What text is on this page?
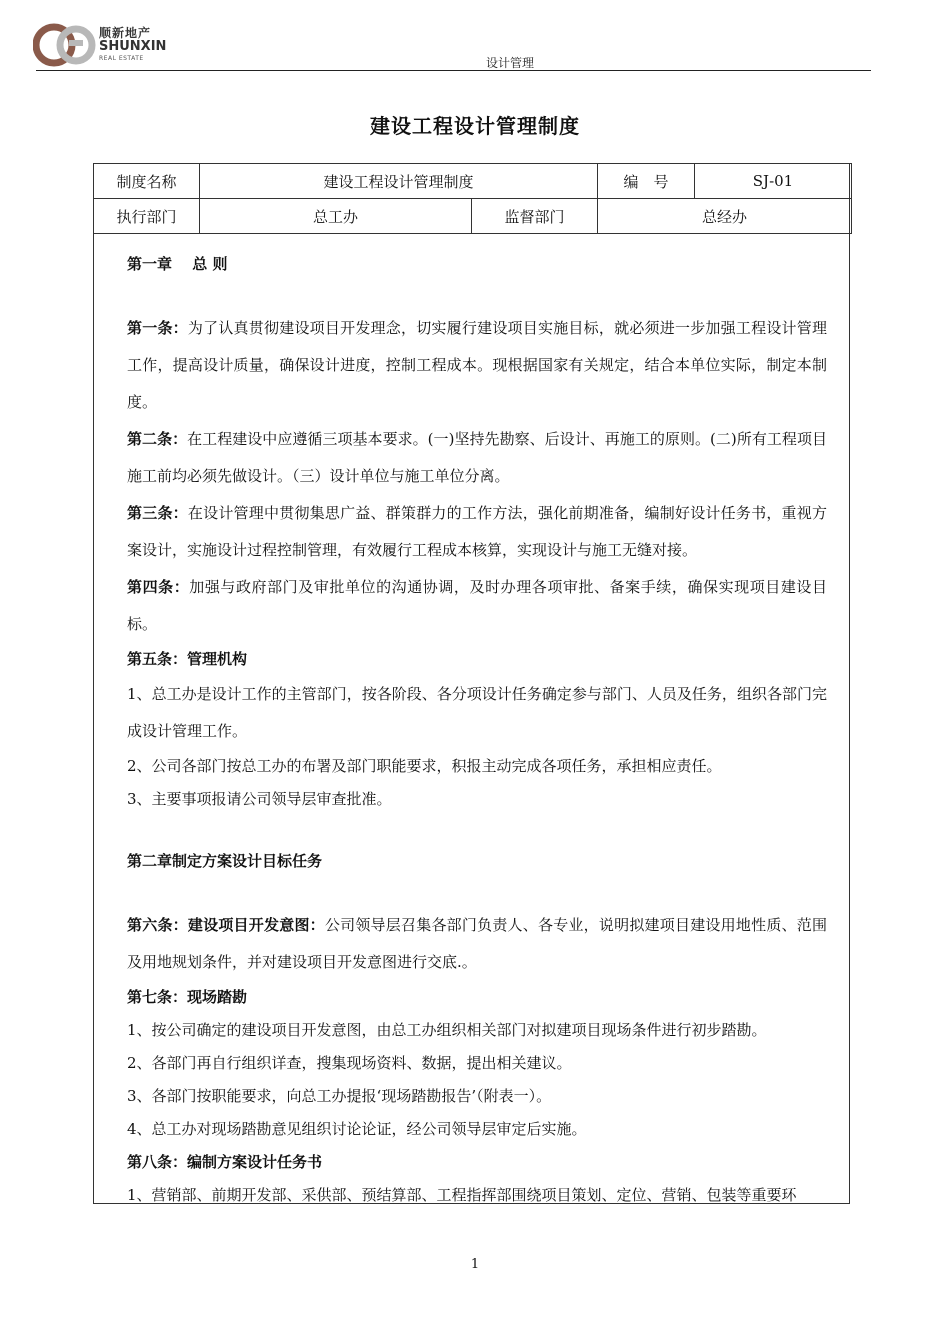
顺新地产
SHUNXIN
REAL ESTATE	设计管理
建设工程设计管理制度
制度名称	建设工程设计管理制度		编　号	SJ-01
执行部门	总工办	监督部门	总经办	

第一章　 总 则

第一条：为了认真贯彻建设项目开发理念，切实履行建设项目实施目标，就必须进一步加强工程设计管理工作，提高设计质量，确保设计进度，控制工程成本。现根据国家有关规定，结合本单位实际，制定本制度。

第二条：在工程建设中应遵循三项基本要求。(一)坚持先勘察、后设计、再施工的原则。(二)所有工程项目施工前均必须先做设计。（三）设计单位与施工单位分离。

第三条：在设计管理中贯彻集思广益、群策群力的工作方法，强化前期准备，编制好设计任务书，重视方案设计，实施设计过程控制管理，有效履行工程成本核算，实现设计与施工无缝对接。

第四条：加强与政府部门及审批单位的沟通协调，及时办理各项审批、备案手续，确保实现项目建设目标。

第五条：管理机构

1、总工办是设计工作的主管部门，按各阶段、各分项设计任务确定参与部门、人员及任务，组织各部门完成设计管理工作。

2、公司各部门按总工办的布署及部门职能要求，积报主动完成各项任务，承担相应责任。

3、主要事项报请公司领导层审查批准。

第二章制定方案设计目标任务

第六条：建设项目开发意图：公司领导层召集各部门负责人、各专业，说明拟建项目建设用地性质、范围及用地规划条件，并对建设项目开发意图进行交底.。

第七条：现场踏勘

1、按公司确定的建设项目开发意图，由总工办组织相关部门对拟建项目现场条件进行初步踏勘。

2、各部门再自行组织详查，搜集现场资料、数据，提出相关建议。

3、各部门按职能要求，向总工办提报‘现场踏勘报告’（附表一）。

4、总工办对现场踏勘意见组织讨论论证，经公司领导层审定后实施。

第八条：编制方案设计任务书

1、营销部、前期开发部、采供部、预结算部、工程指挥部围绕项目策划、定位、营销、包装等重要环

1
